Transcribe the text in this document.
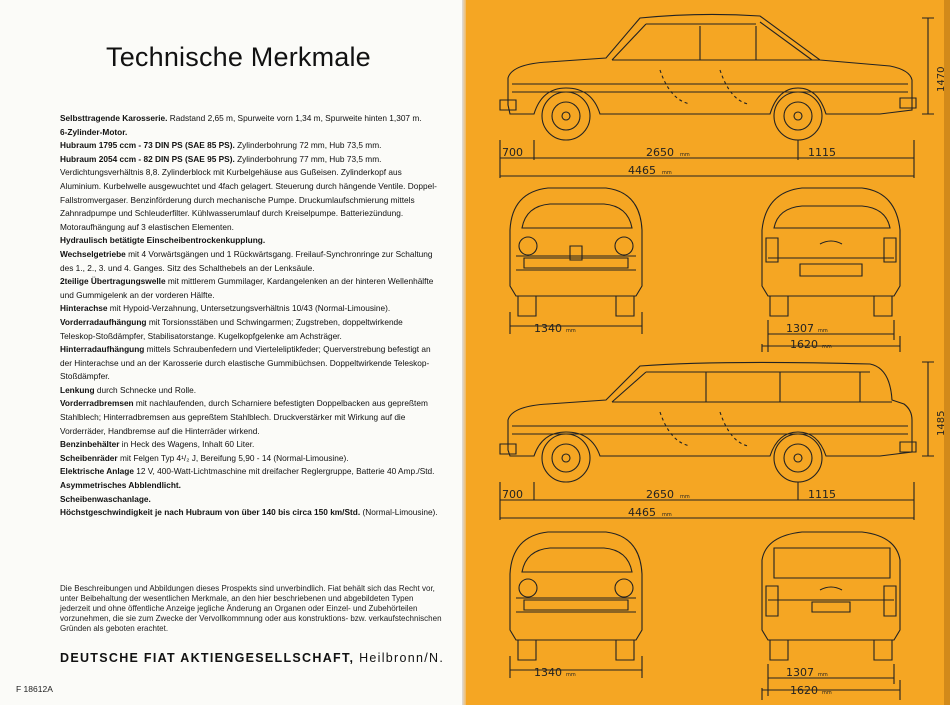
Technische Merkmale

Selbsttragende Karosserie. Radstand 2,65 m, Spurweite vorn 1,34 m, Spurweite hinten 1,307 m.

6-Zylinder-Motor.

Hubraum 1795 ccm - 73 DIN PS (SAE 85 PS). Zylinderbohrung 72 mm, Hub 73,5 mm.

Hubraum 2054 ccm - 82 DIN PS (SAE 95 PS). Zylinderbohrung 77 mm, Hub 73,5 mm. Verdichtungsverhältnis 8,8. Zylinderblock mit Kurbelgehäuse aus Gußeisen. Zylinderkopf aus Aluminium. Kurbelwelle ausgewuchtet und 4fach gelagert. Steuerung durch hängende Ventile. Doppel-Fallstromvergaser. Benzinförderung durch mechanische Pumpe. Druckumlaufschmierung mittels Zahnradpumpe und Schleuderfilter. Kühlwasserumlauf durch Kreiselpumpe. Batteriezündung. Motoraufhängung auf 3 elastischen Elementen.

Hydraulisch betätigte Einscheibentrockenkupplung.

Wechselgetriebe mit 4 Vorwärtsgängen und 1 Rückwärtsgang. Freilauf-Synchronringe zur Schaltung des 1., 2., 3. und 4. Ganges. Sitz des Schalthebels an der Lenksäule.

2teilige Übertragungswelle mit mittlerem Gummilager, Kardangelenken an der hinteren Wellenhälfte und Gummigelenk an der vorderen Hälfte.

Hinterachse mit Hypoid-Verzahnung, Untersetzungsverhältnis 10/43 (Normal-Limousine).

Vorderradaufhängung mit Torsionsstäben und Schwingarmen; Zugstreben, doppeltwirkende Teleskop-Stoßdämpfer, Stabilisatorstange. Kugelkopfgelenke am Achsträger.

Hinterradaufhängung mittels Schraubenfedern und Vierteleliptikfeder; Querverstrebung befestigt an der Hinterachse und an der Karosserie durch elastische Gummibüchsen. Doppeltwirkende Teleskop-Stoßdämpfer.

Lenkung durch Schnecke und Rolle.

Vorderradbremsen mit nachlaufenden, durch Scharniere befestigten Doppelbacken aus gepreßtem Stahlblech; Hinterradbremsen aus gepreßtem Stahlblech. Druckverstärker mit Wirkung auf die Vorderräder, Handbremse auf die Hinterräder wirkend.

Benzinbehälter in Heck des Wagens, Inhalt 60 Liter.

Scheibenräder mit Felgen Typ 4¹/₂ J, Bereifung 5,90 - 14 (Normal-Limousine).

Elektrische Anlage 12 V, 400-Watt-Lichtmaschine mit dreifacher Reglergruppe, Batterie 40 Amp./Std.

Asymmetrisches Abblendlicht.

Scheibenwaschanlage.

Höchstgeschwindigkeit je nach Hubraum von über 140 bis circa 150 km/Std. (Normal-Limousine).

Die Beschreibungen und Abbildungen dieses Prospekts sind unverbindlich. Fiat behält sich das Recht vor, unter Beibehaltung der wesentlichen Merkmale, an den hier beschriebenen und abgebildeten Typen jederzeit und ohne öffentliche Anzeige jegliche Änderung an Organen oder Einzel- und Zubehörteilen vorzunehmen, die sie zum Zwecke der Vervollkommnung oder aus konstruktions- bzw. verkaufstechnischen Gründen als geboten erachtet.

DEUTSCHE FIAT AKTIENGESELLSCHAFT, Heilbronn/N.

F 18612A

700	2650 mm	1115
4465 mm
1470
1340 mm	1307 mm
1620 mm
700	2650 mm	1115
4465 mm
1485
1340 mm	1307 mm
1620 mm
